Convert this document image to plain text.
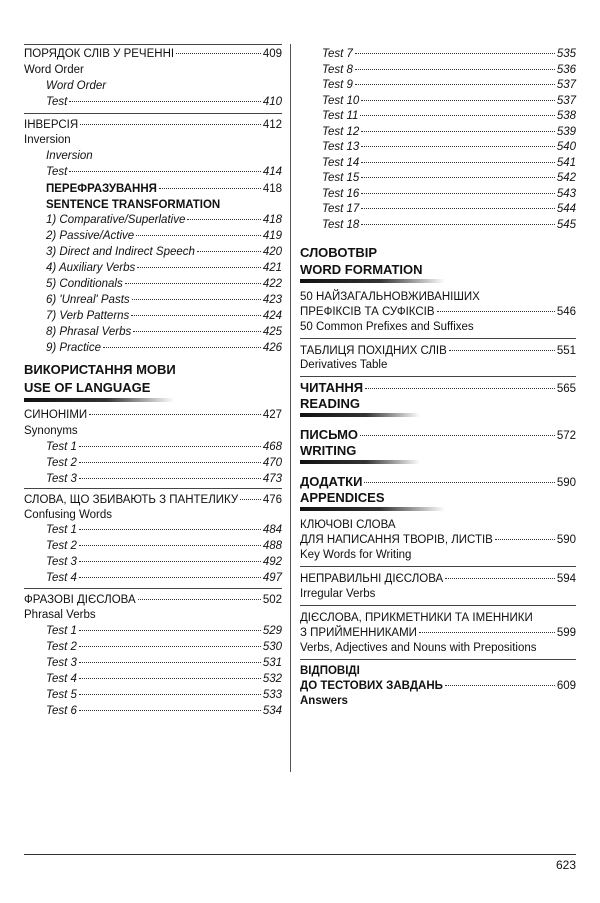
ПОРЯДОК СЛІВ У РЕЧЕННІ	409
Word Order
Word Order
Test	410
ІНВЕРСІЯ	412
Inversion
Inversion
Test	414
ПЕРЕФРАЗУВАННЯ	418
SENTENCE TRANSFORMATION
1) Comparative/Superlative	418
2) Passive/Active	419
3) Direct and Indirect Speech	420
4) Auxiliary Verbs	421
5) Conditionals	422
6) 'Unreal' Pasts	423
7) Verb Patterns	424
8) Phrasal Verbs	425
9) Practice	426
ВИКОРИСТАННЯ МОВИ
USE OF LANGUAGE
СИНОНІМИ	427
Synonyms
Test 1	468
Test 2	470
Test 3	473
СЛОВА, ЩО ЗБИВАЮТЬ З ПАНТЕЛИКУ 476
Confusing Words
Test 1	484
Test 2	488
Test 3	492
Test 4	497
ФРАЗОВІ ДІЄСЛОВА	502
Phrasal Verbs
Test 1	529
Test 2	530
Test 3	531
Test 4	532
Test 5	533
Test 6	534
Test 7	535
Test 8	536
Test 9	537
Test 10	537
Test 11	538
Test 12	539
Test 13	540
Test 14	541
Test 15	542
Test 16	543
Test 17	544
Test 18	545
СЛОВОТВІР
WORD FORMATION
50 НАЙЗАГАЛЬНОВЖИВАНІШИХ
ПРЕФІКСІВ ТА СУФІКСІВ	546
50 Common Prefixes and Suffixes
ТАБЛИЦЯ ПОХІДНИХ СЛІВ	551
Derivatives Table
ЧИТАННЯ	565
READING
ПИСЬМО	572
WRITING
ДОДАТКИ	590
APPENDICES
КЛЮЧОВІ СЛОВА
ДЛЯ НАПИСАННЯ ТВОРІВ, ЛИСТІВ	590
Key Words for Writing
НЕПРАВИЛЬНІ ДІЄСЛОВА	594
Irregular Verbs
ДІЄСЛОВА, ПРИКМЕТНИКИ ТА ІМЕННИКИ
З ПРИЙМЕННИКАМИ	599
Verbs, Adjectives and Nouns with Prepositions
ВІДПОВІДІ
ДО ТЕСТОВИХ ЗАВДАНЬ	609
Answers
623
